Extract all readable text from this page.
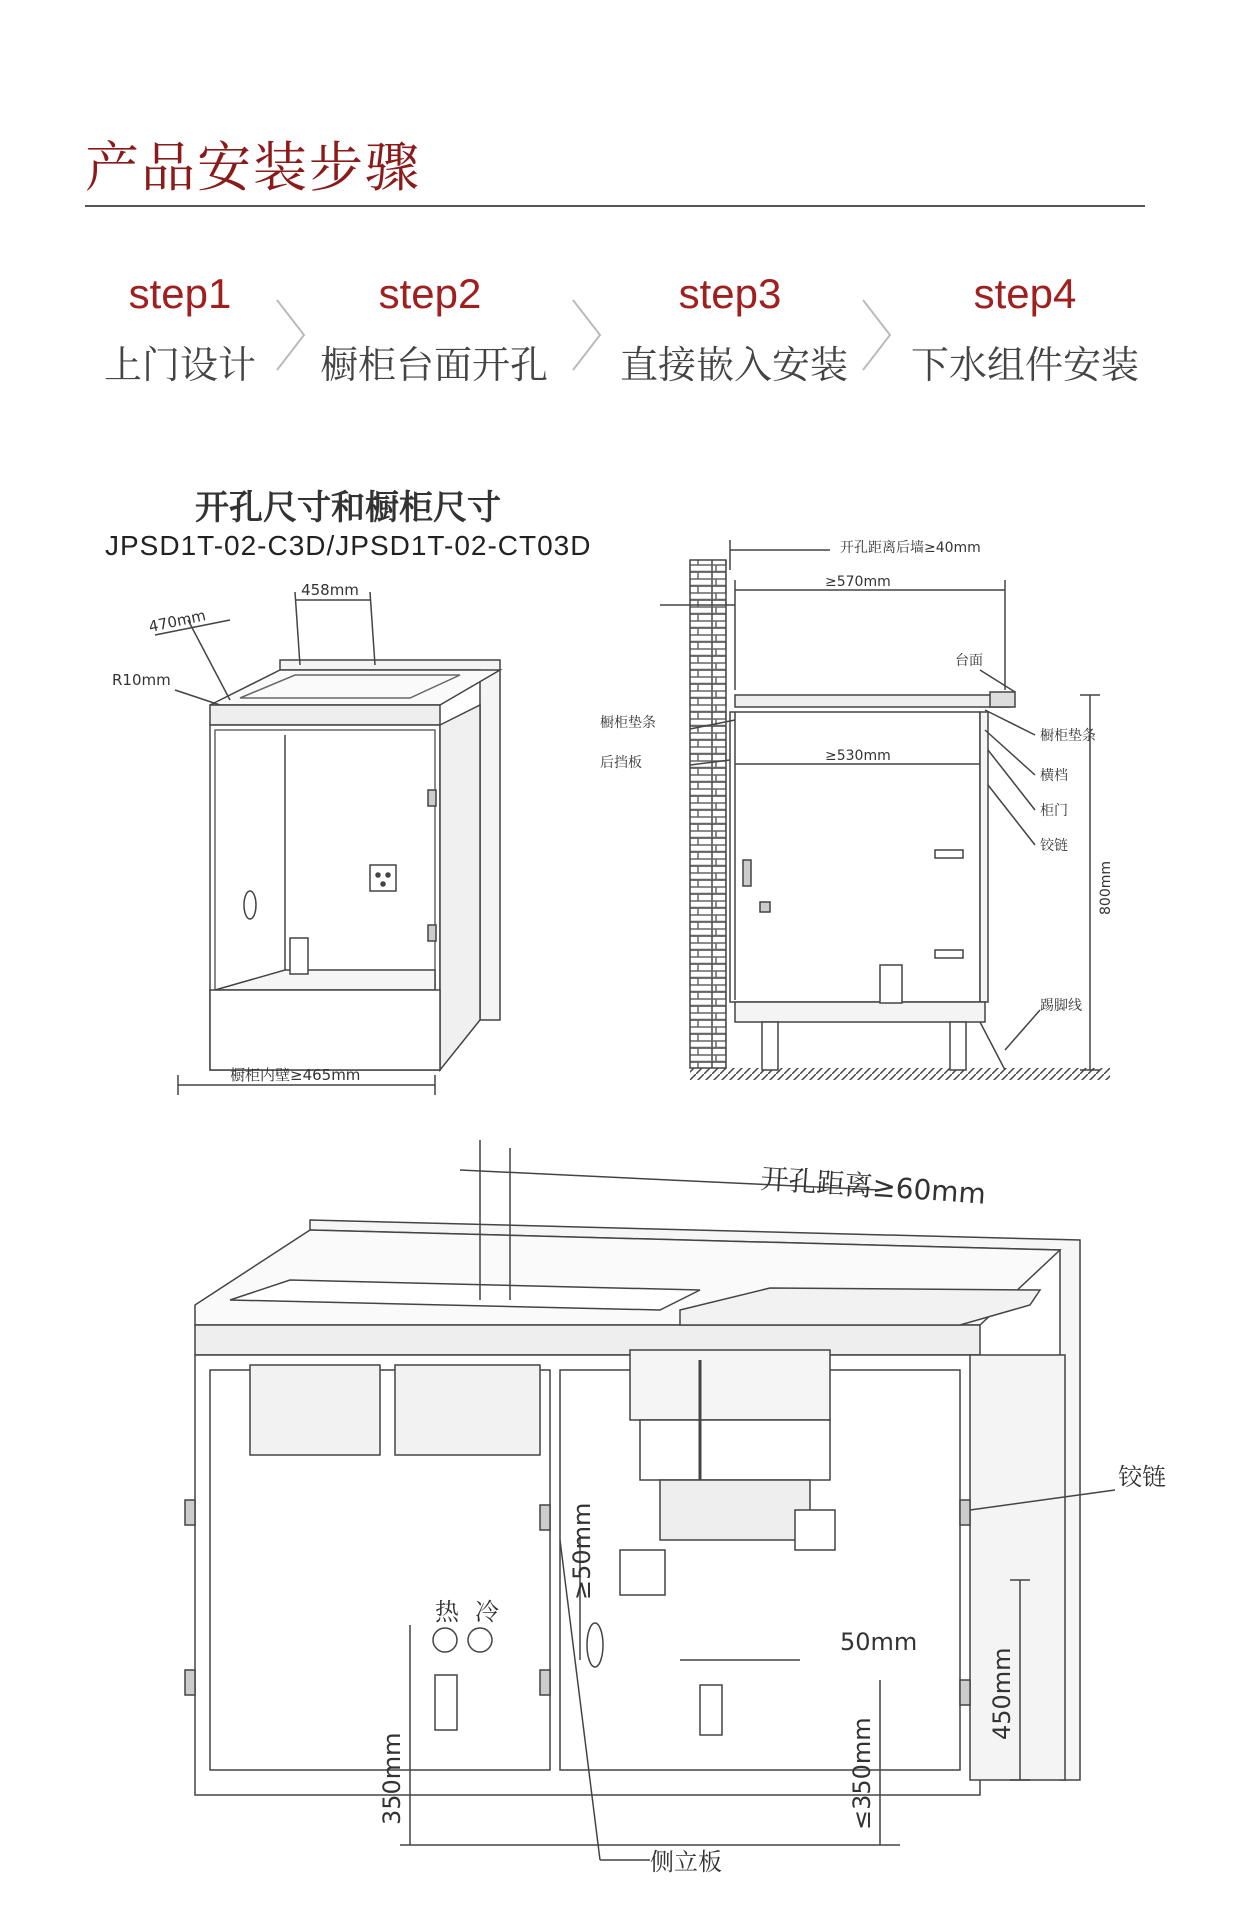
产品安装步骤
step1
上门设计
step2
橱柜台面开孔
step3
直接嵌入安装
step4
下水组件安装
开孔尺寸和橱柜尺寸
JPSD1T-02-C3D/JPSD1T-02-CT03D
458mm
470mm
R10mm
橱柜内壁≥465mm
开孔距离后墙≥40mm
≥570mm
台面
橱柜垫条
后挡板	≥530mm
橱柜垫条
横档
柜门
铰链
800mm
踢脚线
开孔距离≥60mm
铰链
≥50mm
热 冷
50mm
450mm
350mm	≤350mm
侧立板
